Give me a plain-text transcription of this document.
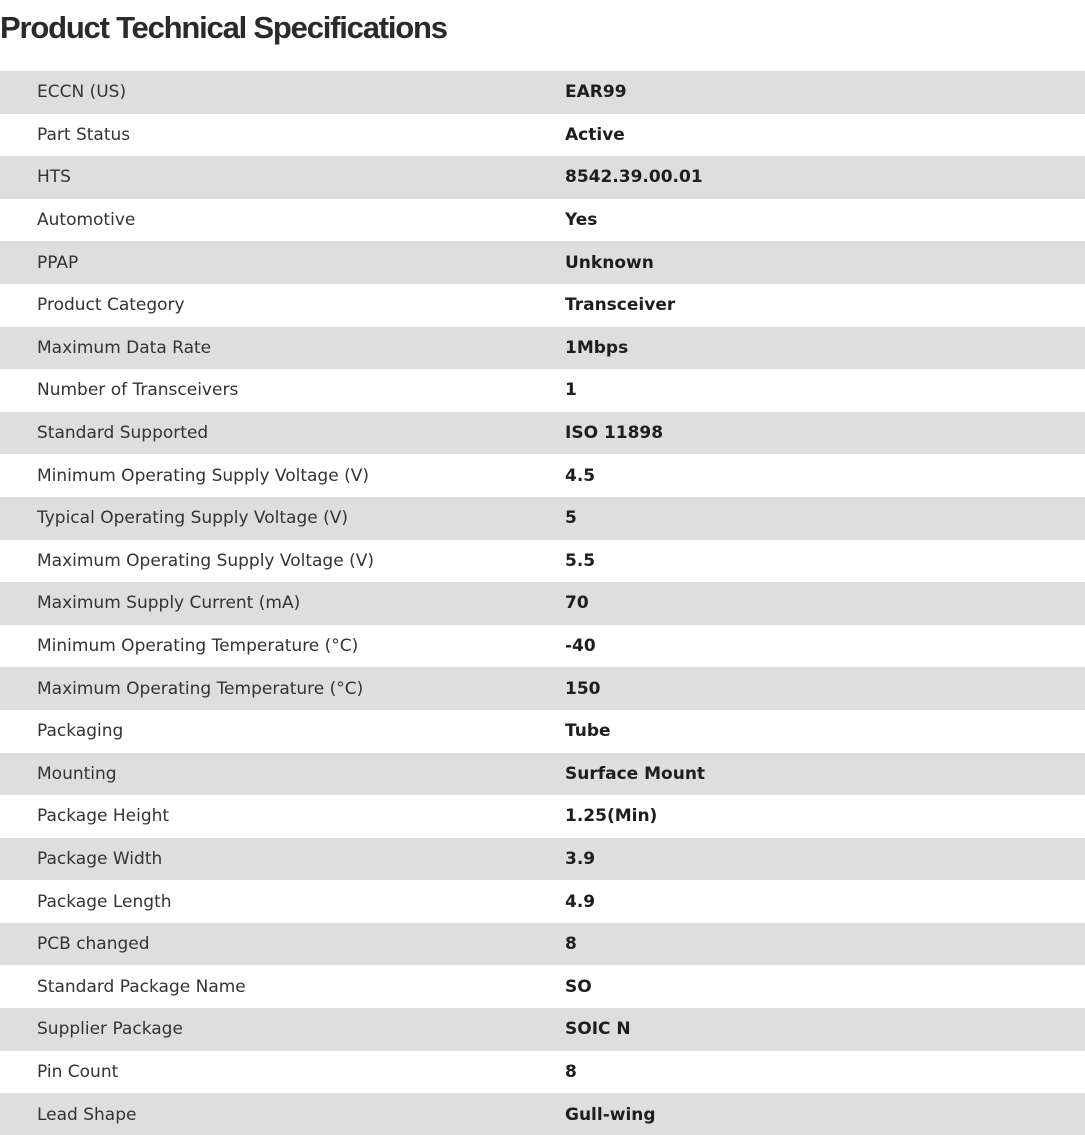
Product Technical Specifications
ECCN (US)	EAR99
Part Status	Active
HTS	8542.39.00.01
Automotive	Yes
PPAP	Unknown
Product Category	Transceiver
Maximum Data Rate	1Mbps
Number of Transceivers	1
Standard Supported	ISO 11898
Minimum Operating Supply Voltage (V)	4.5
Typical Operating Supply Voltage (V)	5
Maximum Operating Supply Voltage (V)	5.5
Maximum Supply Current (mA)	70
Minimum Operating Temperature (°C)	-40
Maximum Operating Temperature (°C)	150
Packaging	Tube
Mounting	Surface Mount
Package Height	1.25(Min)
Package Width	3.9
Package Length	4.9
PCB changed	8
Standard Package Name	SO
Supplier Package	SOIC N
Pin Count	8
Lead Shape	Gull-wing
